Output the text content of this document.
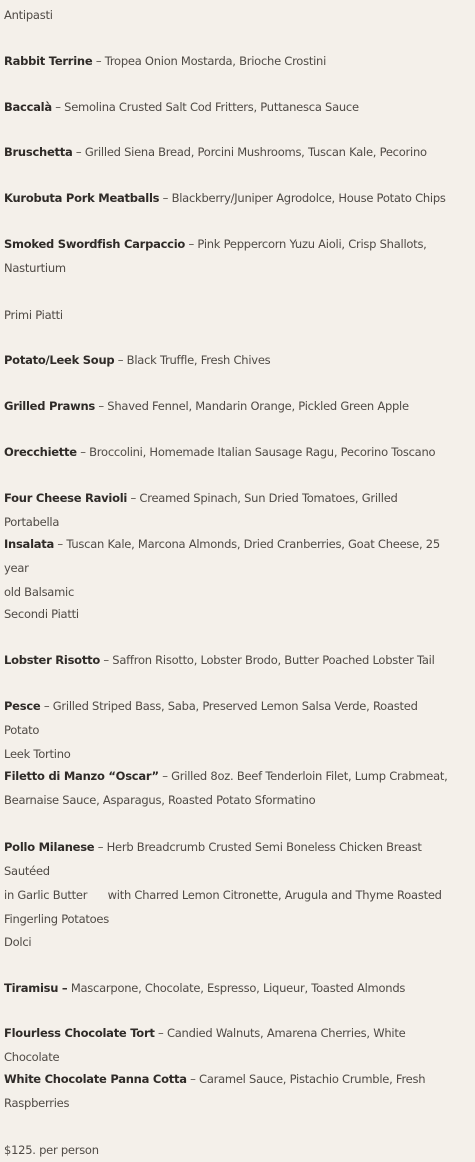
Antipasti

Rabbit Terrine – Tropea Onion Mostarda, Brioche Crostini

Baccalà – Semolina Crusted Salt Cod Fritters, Puttanesca Sauce

Bruschetta – Grilled Siena Bread, Porcini Mushrooms, Tuscan Kale, Pecorino

Kurobuta Pork Meatballs – Blackberry/Juniper Agrodolce, House Potato Chips

Smoked Swordfish Carpaccio – Pink Peppercorn Yuzu Aioli, Crisp Shallots,
Nasturtium

Primi Piatti

Potato/Leek Soup – Black Truffle, Fresh Chives

Grilled Prawns – Shaved Fennel, Mandarin Orange, Pickled Green Apple

Orecchiette – Broccolini, Homemade Italian Sausage Ragu, Pecorino Toscano

Four Cheese Ravioli – Creamed Spinach, Sun Dried Tomatoes, Grilled Portabella

Insalata – Tuscan Kale, Marcona Almonds, Dried Cranberries, Goat Cheese, 25 year
old Balsamic

Secondi Piatti

Lobster Risotto – Saffron Risotto, Lobster Brodo, Butter Poached Lobster Tail

Pesce – Grilled Striped Bass, Saba, Preserved Lemon Salsa Verde, Roasted Potato
Leek Tortino

Filetto di Manzo “Oscar” – Grilled 8oz. Beef Tenderloin Filet, Lump Crabmeat,
Bearnaise Sauce, Asparagus, Roasted Potato Sformatino

Pollo Milanese – Herb Breadcrumb Crusted Semi Boneless Chicken Breast Sautéed
in Garlic Butter      with Charred Lemon Citronette, Arugula and Thyme Roasted
Fingerling Potatoes

Dolci

Tiramisu – Mascarpone, Chocolate, Espresso, Liqueur, Toasted Almonds

Flourless Chocolate Tort – Candied Walnuts, Amarena Cherries, White Chocolate

White Chocolate Panna Cotta – Caramel Sauce, Pistachio Crumble, Fresh
Raspberries

$125. per person
